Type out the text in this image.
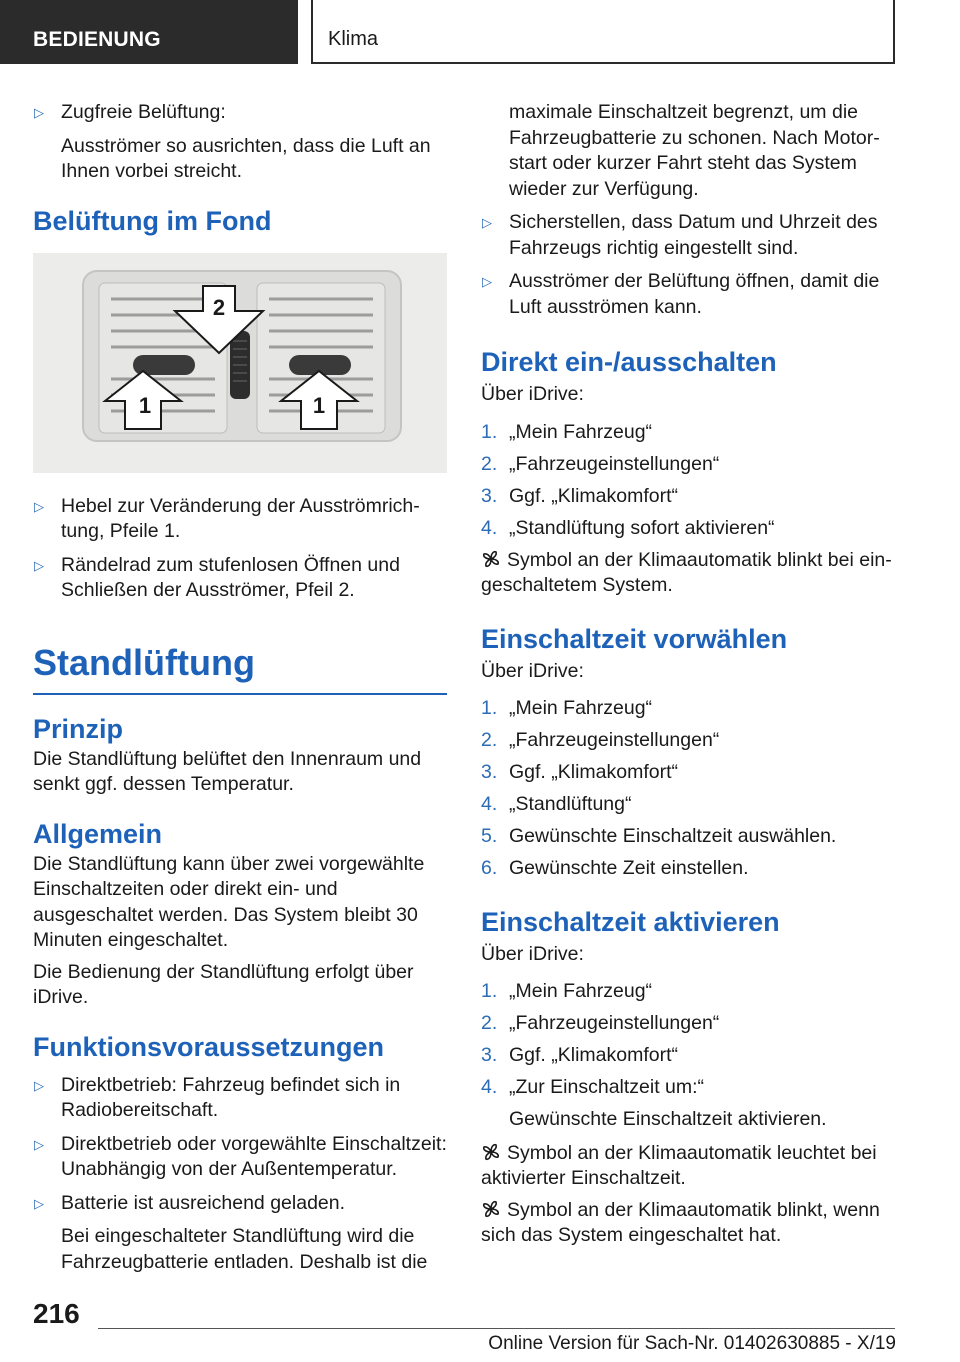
BEDIENUNG	Klima
▷ Zugfreie Belüftung:
Ausströmer so ausrichten, dass die Luft an Ihnen vorbei streicht.
Belüftung im Fond
2
1	1
▷ Hebel zur Veränderung der Ausströmrichtung, Pfeile 1.
▷ Rändelrad zum stufenlosen Öffnen und Schließen der Ausströmer, Pfeil 2.
Standlüftung
Prinzip
Die Standlüftung belüftet den Innenraum und senkt ggf. dessen Temperatur.
Allgemein
Die Standlüftung kann über zwei vorgewählte Einschaltzeiten oder direkt ein- und ausgeschaltet werden. Das System bleibt 30 Minuten eingeschaltet.
Die Bedienung der Standlüftung erfolgt über iDrive.
Funktionsvoraussetzungen
▷ Direktbetrieb: Fahrzeug befindet sich in Radiobereitschaft.
▷ Direktbetrieb oder vorgewählte Einschaltzeit: Unabhängig von der Außentemperatur.
▷ Batterie ist ausreichend geladen.
Bei eingeschalteter Standlüftung wird die Fahrzeugbatterie entladen. Deshalb ist die
maximale Einschaltzeit begrenzt, um die Fahrzeugbatterie zu schonen. Nach Motorstart oder kurzer Fahrt steht das System wieder zur Verfügung.
▷ Sicherstellen, dass Datum und Uhrzeit des Fahrzeugs richtig eingestellt sind.
▷ Ausströmer der Belüftung öffnen, damit die Luft ausströmen kann.
Direkt ein-/ausschalten
Über iDrive:
1. „Mein Fahrzeug“
2. „Fahrzeugeinstellungen“
3. Ggf. „Klimakomfort“
4. „Standlüftung sofort aktivieren“
Symbol an der Klimaautomatik blinkt bei eingeschaltetem System.
Einschaltzeit vorwählen
Über iDrive:
1. „Mein Fahrzeug“
2. „Fahrzeugeinstellungen“
3. Ggf. „Klimakomfort“
4. „Standlüftung“
5. Gewünschte Einschaltzeit auswählen.
6. Gewünschte Zeit einstellen.
Einschaltzeit aktivieren
Über iDrive:
1. „Mein Fahrzeug“
2. „Fahrzeugeinstellungen“
3. Ggf. „Klimakomfort“
4. „Zur Einschaltzeit um:“
Gewünschte Einschaltzeit aktivieren.
Symbol an der Klimaautomatik leuchtet bei aktivierter Einschaltzeit.
Symbol an der Klimaautomatik blinkt, wenn sich das System eingeschaltet hat.
216
Online Version für Sach-Nr. 01402630885 - X/19
